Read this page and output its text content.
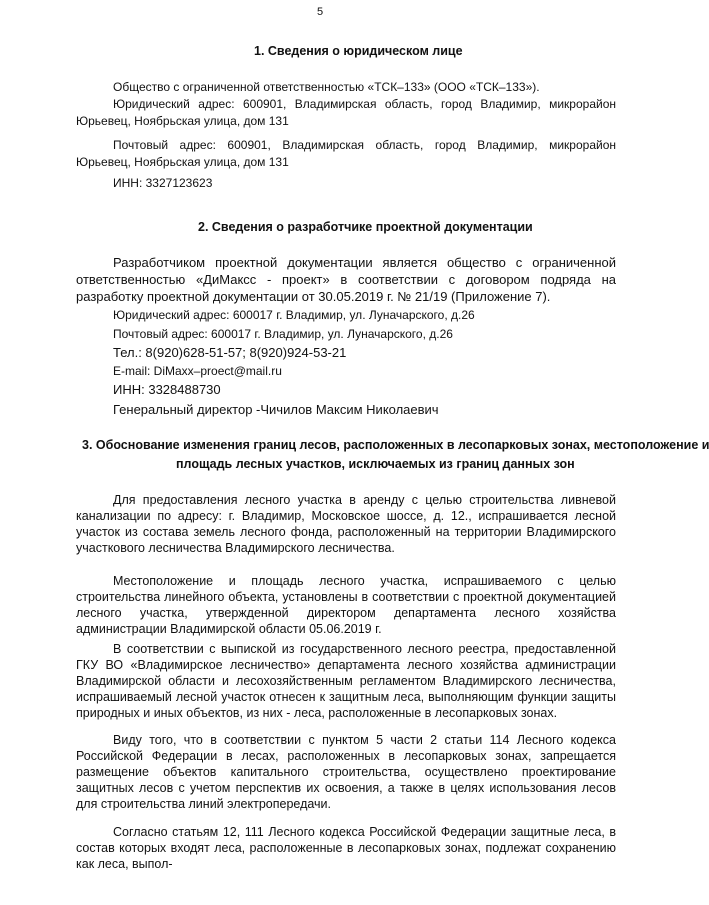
5
1. Сведения о юридическом лице
Общество с ограниченной ответственностью «ТСК–133» (ООО «ТСК–133»).
Юридический адрес: 600901, Владимирская область, город Владимир, микрорайон Юрьевец, Ноябрьская улица, дом 131
Почтовый адрес: 600901, Владимирская область, город Владимир, микрорайон Юрьевец, Ноябрьская улица, дом 131
ИНН: 3327123623
2. Сведения о разработчике проектной документации
Разработчиком проектной документации является общество с ограниченной ответственностью «ДиМаксс - проект» в соответствии с договором подряда на разработку проектной документации от 30.05.2019 г. № 21/19 (Приложение 7).
Юридический адрес: 600017 г. Владимир, ул. Луначарского, д.26
Почтовый адрес: 600017 г. Владимир, ул. Луначарского, д.26
Тел.: 8(920)628-51-57; 8(920)924-53-21
E-mail: DiMaxx–proect@mail.ru
ИНН: 3328488730
Генеральный директор -Чичилов Максим Николаевич
3. Обоснование изменения границ лесов, расположенных в лесопарковых зонах, местоположение и
площадь лесных участков, исключаемых из границ данных зон
Для предоставления лесного участка в аренду с целью строительства ливневой канализации по адресу: г. Владимир, Московское шоссе, д. 12., испрашивается лесной участок из состава земель лесного фонда, расположенный на территории Владимирского участкового лесничества Владимирского лесничества.
Местоположение и площадь лесного участка, испрашиваемого с целью строительства линейного объекта, установлены в соответствии с проектной документацией лесного участка, утвержденной директором департамента лесного хозяйства администрации Владимирской области 05.06.2019 г.
В соответствии с выпиской из государственного лесного реестра, предоставленной ГКУ ВО «Владимирское лесничество» департамента лесного хозяйства администрации Владимирской области и лесохозяйственным регламентом Владимирского лесничества, испрашиваемый лесной участок отнесен к защитным леса, выполняющим функции защиты природных и иных объектов, из них - леса, расположенные в лесопарковых зонах.
Виду того, что в соответствии с пунктом 5 части 2 статьи 114 Лесного кодекса Российской Федерации в лесах, расположенных в лесопарковых зонах, запрещается размещение объектов капитального строительства, осуществлено проектирование защитных лесов с учетом перспектив их освоения, а также в целях использования лесов для строительства линий электропередачи.
Согласно статьям 12, 111 Лесного кодекса Российской Федерации защитные леса, в состав которых входят леса, расположенные в лесопарковых зонах, подлежат сохранению как леса, выпол-
